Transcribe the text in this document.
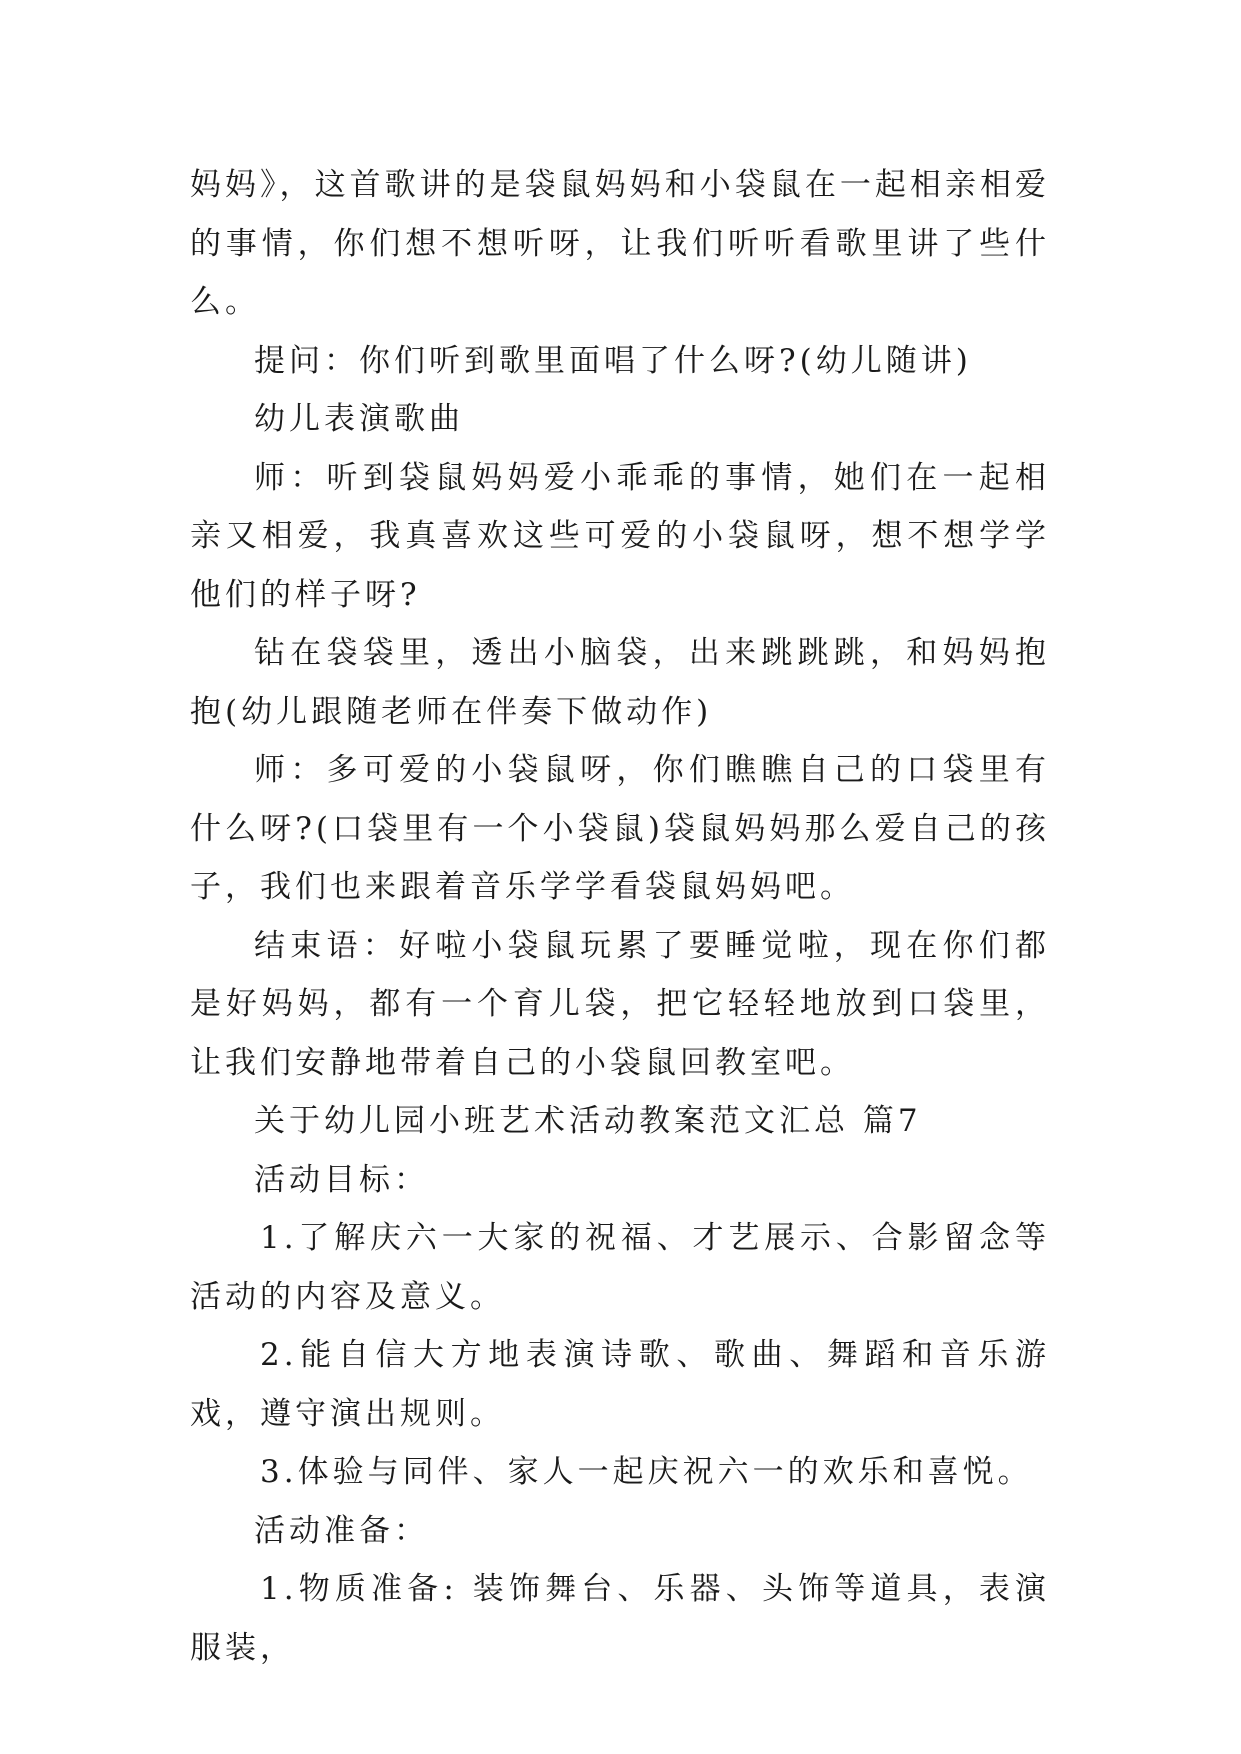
妈妈》，这首歌讲的是袋鼠妈妈和小袋鼠在一起相亲相爱的事情，你们想不想听呀，让我们听听看歌里讲了些什么。

提问：你们听到歌里面唱了什么呀?(幼儿随讲)

幼儿表演歌曲

师：听到袋鼠妈妈爱小乖乖的事情，她们在一起相亲又相爱，我真喜欢这些可爱的小袋鼠呀，想不想学学他们的样子呀?

钻在袋袋里，透出小脑袋，出来跳跳跳，和妈妈抱抱(幼儿跟随老师在伴奏下做动作)

师：多可爱的小袋鼠呀，你们瞧瞧自己的口袋里有什么呀?(口袋里有一个小袋鼠)袋鼠妈妈那么爱自己的孩子，我们也来跟着音乐学学看袋鼠妈妈吧。

结束语：好啦小袋鼠玩累了要睡觉啦，现在你们都是好妈妈，都有一个育儿袋，把它轻轻地放到口袋里，让我们安静地带着自己的小袋鼠回教室吧。

关于幼儿园小班艺术活动教案范文汇总 篇7

活动目标：

1.了解庆六一大家的祝福、才艺展示、合影留念等活动的内容及意义。

2.能自信大方地表演诗歌、歌曲、舞蹈和音乐游戏，遵守演出规则。

3.体验与同伴、家人一起庆祝六一的欢乐和喜悦。

活动准备：

1.物质准备: 装饰舞台、乐器、头饰等道具，表演服装，
